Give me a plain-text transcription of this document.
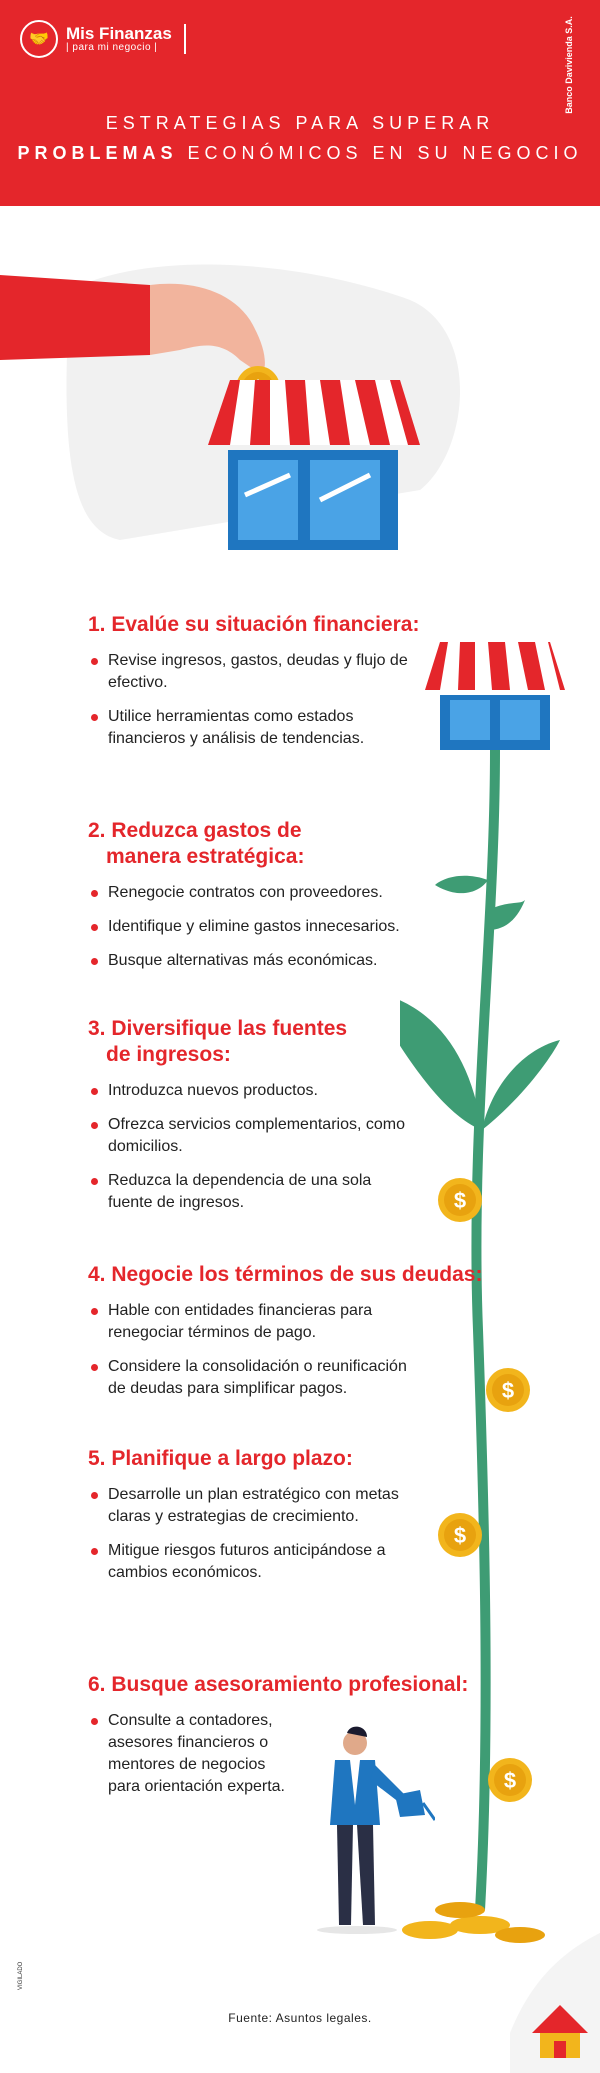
🤝	Mis Finanzas
| para mi negocio |	Banco Davivienda S.A.
ESTRATEGIAS PARA SUPERAR
PROBLEMAS ECONÓMICOS EN SU NEGOCIO
$
$
$
$

1. Evalúe su situación financiera:

Revise ingresos, gastos, deudas y flujo de efectivo.
Utilice herramientas como estados financieros y análisis de tendencias.

2. Reduzca gastos de
manera estratégica:

Renegocie contratos con proveedores.
Identifique y elimine gastos innecesarios.
Busque alternativas más económicas.

3. Diversifique las fuentes
de ingresos:

Introduzca nuevos productos.
Ofrezca servicios complementarios, como domicilios.
Reduzca la dependencia de una sola fuente de ingresos.

4. Negocie los términos de sus deudas:

Hable con entidades financieras para renegociar términos de pago.
Considere la consolidación o reunificación de deudas para simplificar pagos.

5. Planifique a largo plazo:

Desarrolle un plan estratégico con metas claras y estrategias de crecimiento.
Mitigue riesgos futuros anticipándose a cambios económicos.

6. Busque asesoramiento profesional:

Consulte a contadores, asesores financieros o mentores de negocios para orientación experta.
VIGILADO
Fuente: Asuntos legales.
